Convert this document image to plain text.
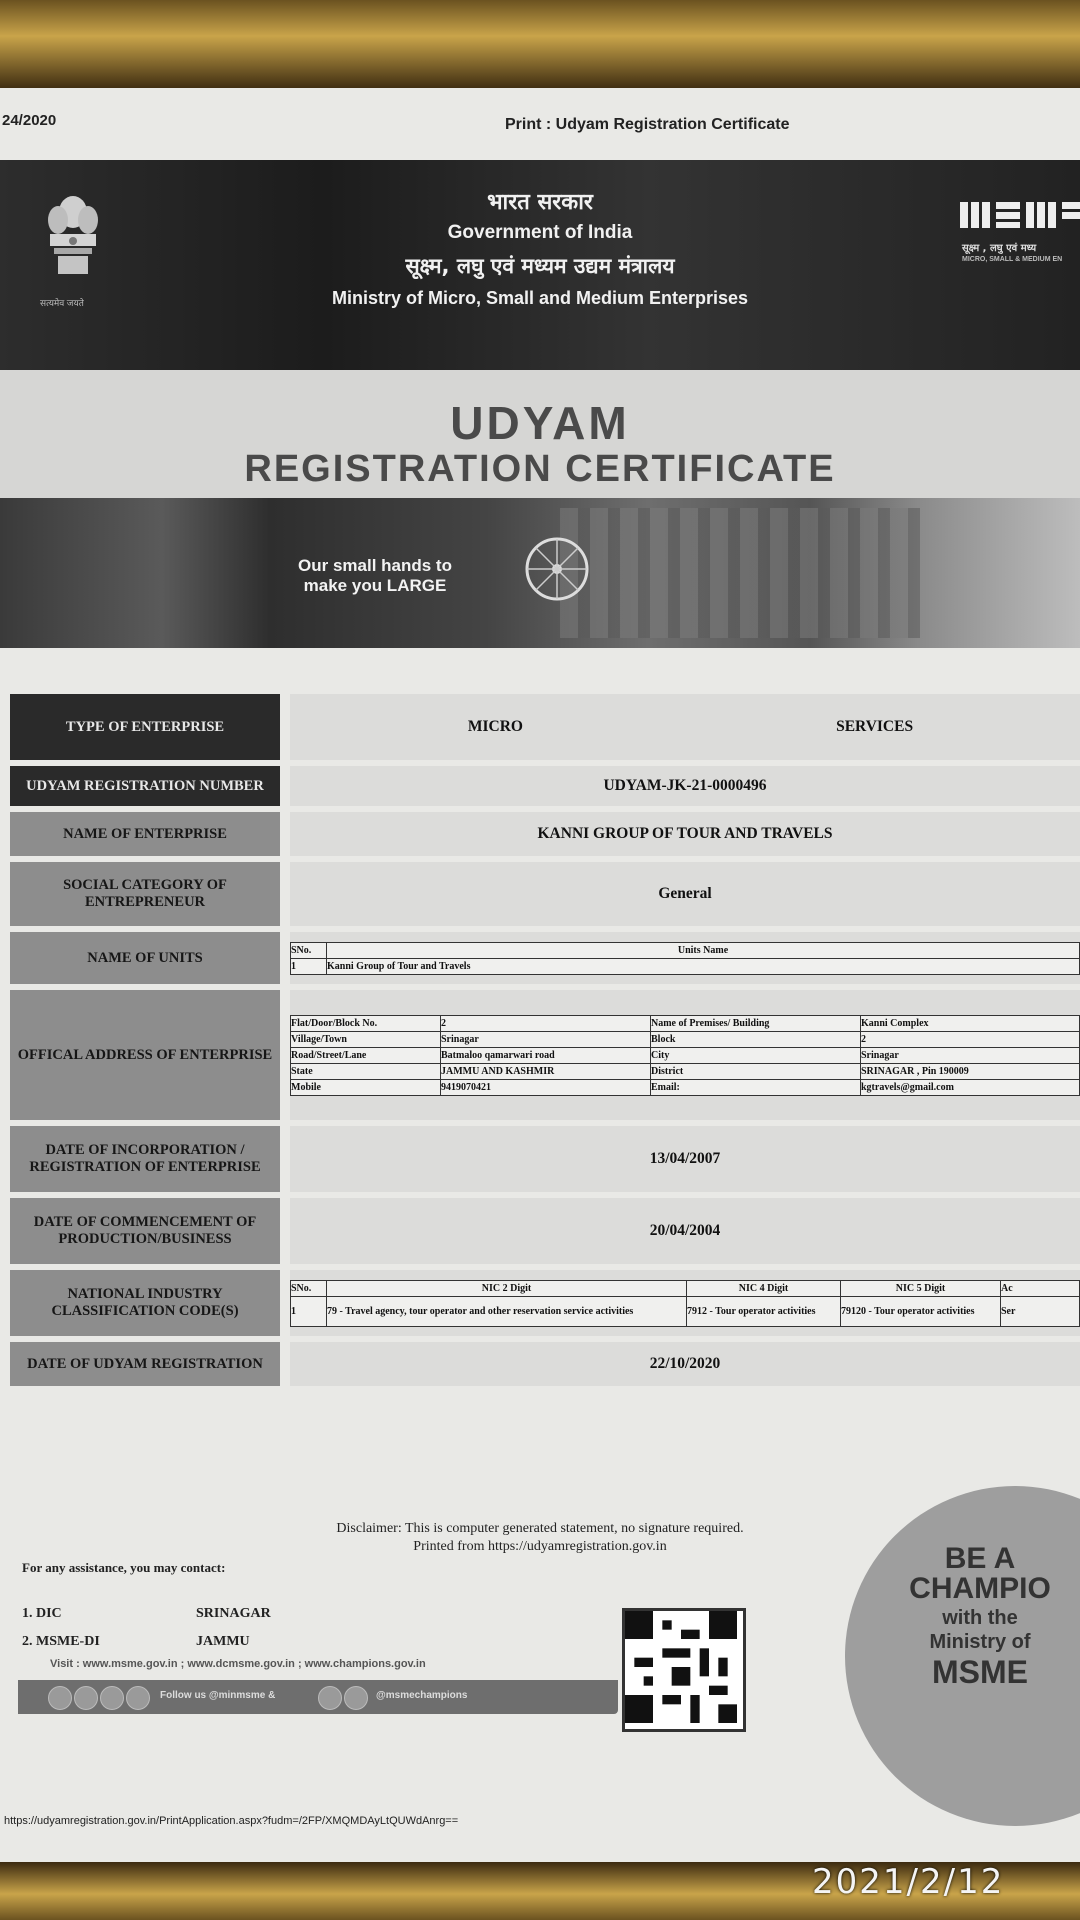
24/2020	Print : Udyam Registration Certificate
सत्यमेव जयते
भारत सरकार
Government of India
सूक्ष्म, लघु एवं मध्यम उद्यम मंत्रालय
Ministry of Micro, Small and Medium Enterprises
सूक्ष्म , लघु एवं मध्य
MICRO, SMALL & MEDIUM EN
UDYAM
REGISTRATION CERTIFICATE
Our small hands to
make you LARGE
TYPE OF ENTERPRISE		MICRO	SERVICES
UDYAM REGISTRATION NUMBER		UDYAM-JK-21-0000496
NAME OF ENTERPRISE		KANNI GROUP OF TOUR AND TRAVELS
SOCIAL CATEGORY OF ENTREPRENEUR		General
NAME OF UNITS			SNo.	Units Name
1	Kanni Group of Tour and Travels

OFFICAL ADDRESS OF ENTERPRISE		
Flat/Door/Block No.	2	Name of Premises/ Building	Kanni Complex
Village/Town	Srinagar	Block	2
Road/Street/Lane	Batmaloo qamarwari road	City	Srinagar
State	JAMMU AND KASHMIR	District	SRINAGAR , Pin 190009
Mobile	9419070421	Email:	kgtravels@gmail.com

DATE OF INCORPORATION / REGISTRATION OF ENTERPRISE		13/04/2007
DATE OF COMMENCEMENT OF PRODUCTION/BUSINESS		20/04/2004
NATIONAL INDUSTRY CLASSIFICATION CODE(S)		
SNo.	NIC 2 Digit	NIC 4 Digit	NIC 5 Digit	Ac
1	79 - Travel agency, tour operator and other reservation service activities	7912 - Tour operator activities	79120 - Tour operator activities	Ser

DATE OF UDYAM REGISTRATION		22/10/2020
Disclaimer: This is computer generated statement, no signature required.
Printed from https://udyamregistration.gov.in
For any assistance, you may contact:
1. DIC	SRINAGAR
2. MSME-DI	JAMMU
Visit : www.msme.gov.in ; www.dcmsme.gov.in ; www.champions.gov.in
Follow us @minmsme &	@msmechampions
BE A
CHAMPIO
with the
Ministry of
MSME
https://udyamregistration.gov.in/PrintApplication.aspx?fudm=/2FP/XMQMDAyLtQUWdAnrg==
2021/2/12
